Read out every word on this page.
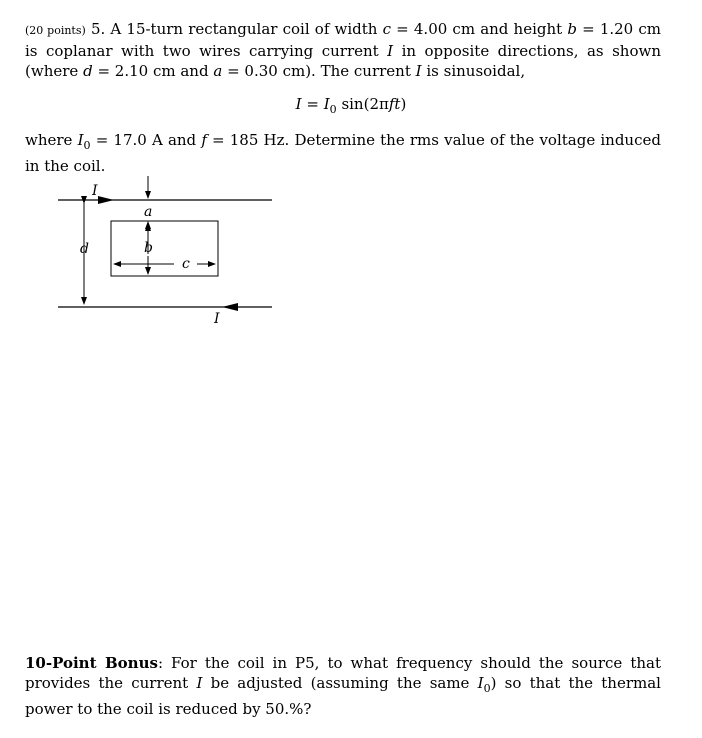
(20 points) 5. A 15-turn rectangular coil of width c = 4.00 cm and height b = 1.20 cm is coplanar with two wires carrying current I in opposite directions, as shown (where d = 2.10 cm and a = 0.30 cm). The current I is sinusoidal,
$I = I_0$ sin(2πft)
where $I_0 = 17.0$ A and f = 185 Hz. Determine the rms value of the voltage induced in the coil.
I
a
d	b
c
I
10-Point Bonus: For the coil in P5, to what frequency should the source that provides the current I be adjusted (assuming the same $I_0$) so that the thermal power to the coil is reduced by 50.%?
